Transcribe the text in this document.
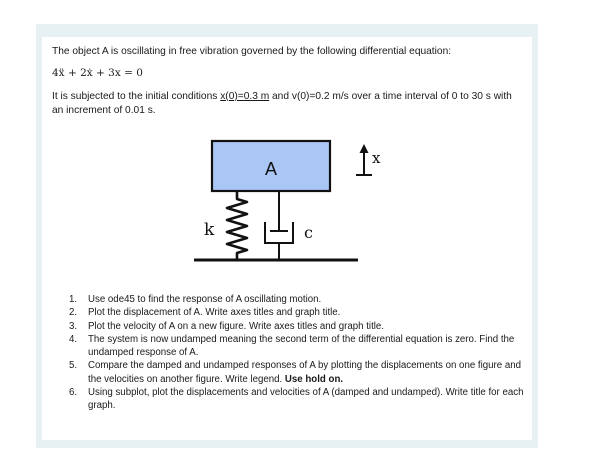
The object A is oscillating in free vibration governed by the following differential equation:

4ẍ + 2ẋ + 3x = 0

It is subjected to the initial conditions x(0)=0.3 m and v(0)=0.2 m/s over a time interval of 0 to 30 s with an increment of 0.01 s.

A
x
k	c
1. Use ode45 to find the response of A oscillating motion.
2. Plot the displacement of A. Write axes titles and graph title.
3. Plot the velocity of A on a new figure. Write axes titles and graph title.
4. The system is now undamped meaning the second term of the differential equation is zero. Find the undamped response of A.
5. Compare the damped and undamped responses of A by plotting the displacements on one figure and the velocities on another figure. Write legend. Use hold on.
6. Using subplot, plot the displacements and velocities of A (damped and undamped). Write title for each graph.
